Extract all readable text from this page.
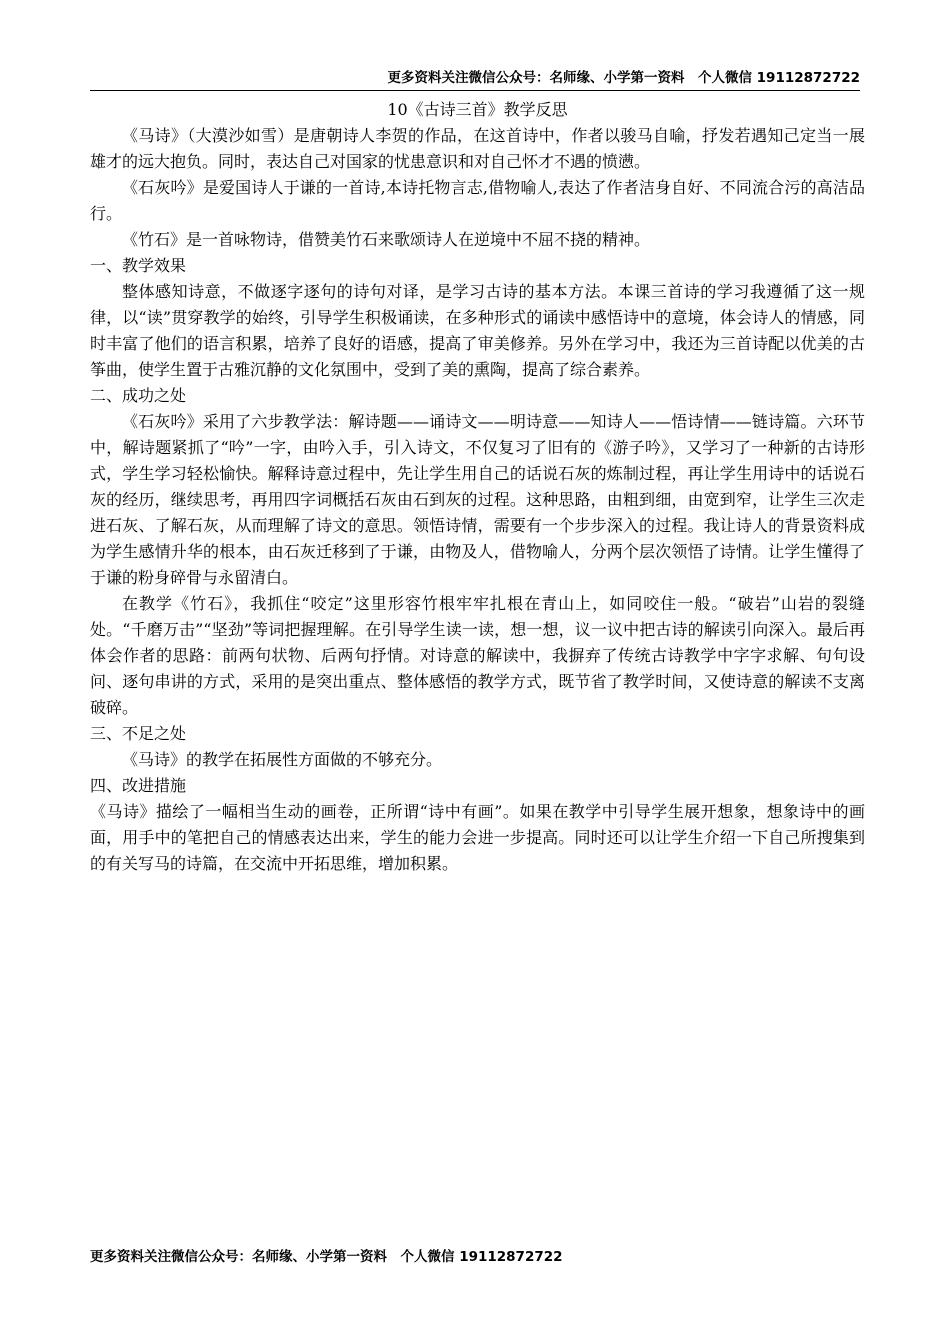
更多资料关注微信公众号：名师缘、小学第一资料　个人微信 19112872722

10《古诗三首》教学反思

《马诗》（大漠沙如雪）是唐朝诗人李贺的作品，在这首诗中，作者以骏马自喻，抒发若遇知己定当一展雄才的远大抱负。同时，表达自己对国家的忧患意识和对自己怀才不遇的愤懑。

《石灰吟》是爱国诗人于谦的一首诗,本诗托物言志,借物喻人,表达了作者洁身自好、不同流合污的高洁品行。

《竹石》是一首咏物诗，借赞美竹石来歌颂诗人在逆境中不屈不挠的精神。

一、教学效果

整体感知诗意，不做逐字逐句的诗句对译，是学习古诗的基本方法。本课三首诗的学习我遵循了这一规律，以“读”贯穿教学的始终，引导学生积极诵读，在多种形式的诵读中感悟诗中的意境，体会诗人的情感，同时丰富了他们的语言积累，培养了良好的语感，提高了审美修养。另外在学习中，我还为三首诗配以优美的古筝曲，使学生置于古雅沉静的文化氛围中，受到了美的熏陶，提高了综合素养。

二、成功之处

《石灰吟》采用了六步教学法：解诗题——诵诗文——明诗意——知诗人——悟诗情——链诗篇。六环节中，解诗题紧抓了“吟”一字，由吟入手，引入诗文，不仅复习了旧有的《游子吟》，又学习了一种新的古诗形式，学生学习轻松愉快。解释诗意过程中，先让学生用自己的话说石灰的炼制过程，再让学生用诗中的话说石灰的经历，继续思考，再用四字词概括石灰由石到灰的过程。这种思路，由粗到细，由宽到窄，让学生三次走进石灰、了解石灰，从而理解了诗文的意思。领悟诗情，需要有一个步步深入的过程。我让诗人的背景资料成为学生感情升华的根本，由石灰迁移到了于谦，由物及人，借物喻人，分两个层次领悟了诗情。让学生懂得了于谦的粉身碎骨与永留清白。

在教学《竹石》，我抓住“咬定”这里形容竹根牢牢扎根在青山上，如同咬住一般。“破岩”山岩的裂缝处。“千磨万击”“坚劲”等词把握理解。在引导学生读一读，想一想，议一议中把古诗的解读引向深入。最后再体会作者的思路：前两句状物、后两句抒情。对诗意的解读中，我摒弃了传统古诗教学中字字求解、句句设问、逐句串讲的方式，采用的是突出重点、整体感悟的教学方式，既节省了教学时间，又使诗意的解读不支离破碎。

三、不足之处

《马诗》的教学在拓展性方面做的不够充分。

四、改进措施

《马诗》描绘了一幅相当生动的画卷，正所谓“诗中有画”。如果在教学中引导学生展开想象，想象诗中的画面，用手中的笔把自己的情感表达出来，学生的能力会进一步提高。同时还可以让学生介绍一下自己所搜集到的有关写马的诗篇，在交流中开拓思维，增加积累。

更多资料关注微信公众号：名师缘、小学第一资料　个人微信 19112872722
